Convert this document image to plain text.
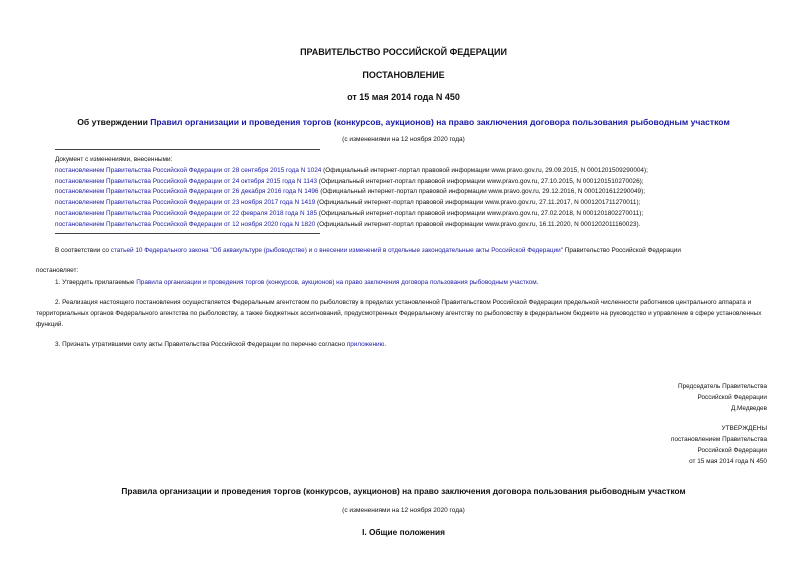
ПРАВИТЕЛЬСТВО РОССИЙСКОЙ ФЕДЕРАЦИИ
ПОСТАНОВЛЕНИЕ
от 15 мая 2014 года N 450
Об утверждении Правил организации и проведения торгов (конкурсов, аукционов) на право заключения договора пользования рыбоводным участком
(с изменениями на 12 ноября 2020 года)
Документ с изменениями, внесенными:
постановлением Правительства Российской Федерации от 28 сентября 2015 года N 1024 (Официальный интернет-портал правовой информации www.pravo.gov.ru, 29.09.2015, N 0001201509290004);
постановлением Правительства Российской Федерации от 24 октября 2015 года N 1143 (Официальный интернет-портал правовой информации www.pravo.gov.ru, 27.10.2015, N 0001201510270026);
постановлением Правительства Российской Федерации от 26 декабря 2016 года N 1496 (Официальный интернет-портал правовой информации www.pravo.gov.ru, 29.12.2016, N 0001201612290049);
постановлением Правительства Российской Федерации от 23 ноября 2017 года N 1419 (Официальный интернет-портал правовой информации www.pravo.gov.ru, 27.11.2017, N 0001201711270011);
постановлением Правительства Российской Федерации от 22 февраля 2018 года N 185 (Официальный интернет-портал правовой информации www.pravo.gov.ru, 27.02.2018, N 0001201802270011);
постановлением Правительства Российской Федерации от 12 ноября 2020 года N 1820 (Официальный интернет-портал правовой информации www.pravo.gov.ru, 16.11.2020, N 0001202011160023).
В соответствии со статьей 10 Федерального закона "Об аквакультуре (рыбоводстве) и о внесении изменений в отдельные законодательные акты Российской Федерации" Правительство Российской Федерации
постановляет:
1. Утвердить прилагаемые Правила организации и проведения торгов (конкурсов, аукционов) на право заключения договора пользования рыбоводным участком.
2. Реализация настоящего постановления осуществляется Федеральным агентством по рыболовству в пределах установленной Правительством Российской Федерации предельной численности работников центрального аппарата и территориальных органов Федерального агентства по рыболовству, а также бюджетных ассигнований, предусмотренных Федеральному агентству по рыболовству в федеральном бюджете на руководство и управление в сфере установленных функций.
3. Признать утратившими силу акты Правительства Российской Федерации по перечню согласно приложению.
Председатель Правительства
Российской Федерации
Д.Медведев
УТВЕРЖДЕНЫ
постановлением Правительства
Российской Федерации
от 15 мая 2014 года N 450
Правила организации и проведения торгов (конкурсов, аукционов) на право заключения договора пользования рыбоводным участком
(с изменениями на 12 ноября 2020 года)
I. Общие положения
